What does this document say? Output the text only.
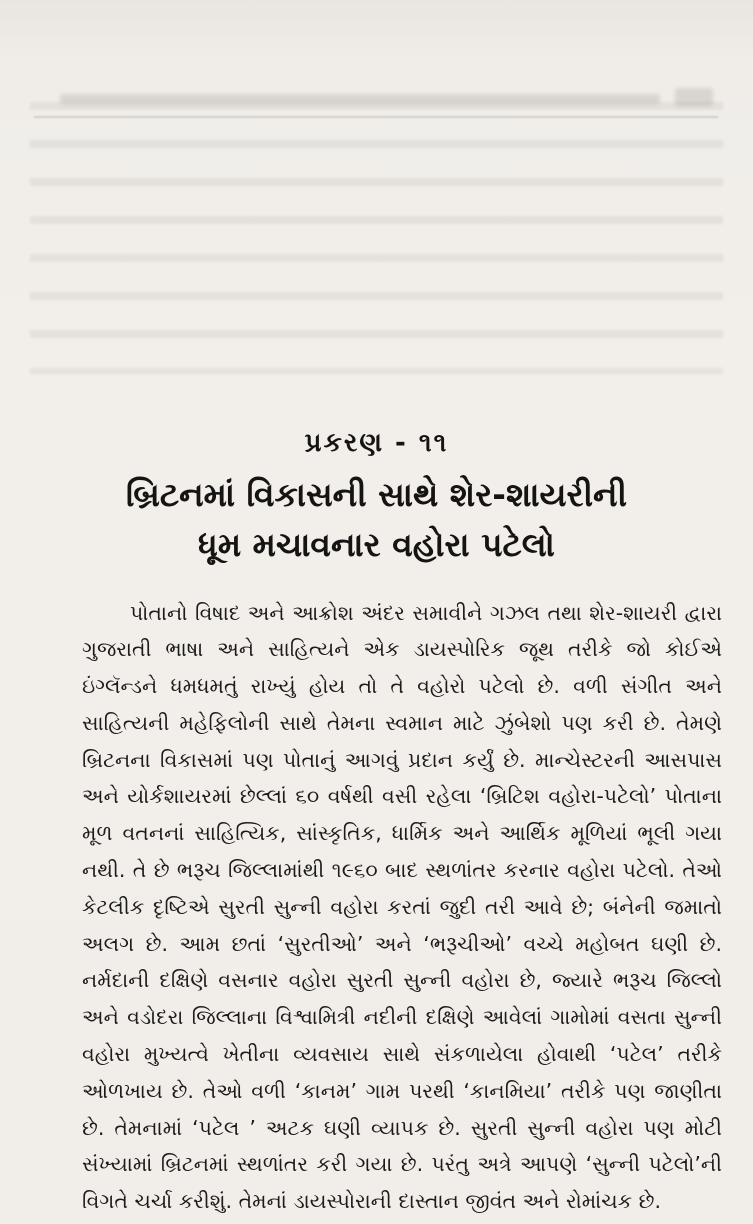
પ્રકરણ - ૧૧
બ્રિટનમાં વિકાસની સાથે શેર-શાયરીની
ધૂમ મચાવનાર વહોરા પટેલો

પોતાનો વિષાદ અને આક્રોશ અંદર સમાવીને ગઝલ તથા શેર-શાયરી દ્વારા ગુજરાતી ભાષા અને સાહિત્યને એક ડાયસ્પોરિક જૂથ તરીકે જો કોઈએ ઇંગ્લૅન્ડને ધમધમતું રાખ્યું હોય તો તે વહોરો પટેલો છે. વળી સંગીત અને સાહિત્યની મહેફિલોની સાથે તેમના સ્વમાન માટે ઝુંબેશો પણ કરી છે. તેમણે બ્રિટનના વિકાસમાં પણ પોતાનું આગવું પ્રદાન કર્યું છે. માન્ચેસ્ટરની આસપાસ અને યોર્કશાયરમાં છેલ્લાં ૬૦ વર્ષથી વસી રહેલા ‘બ્રિટિશ વહોરા-પટેલો’ પોતાના મૂળ વતનનાં સાહિત્યિક, સાંસ્કૃતિક, ધાર્મિક અને આર્થિક મૂળિયાં ભૂલી ગયા નથી. તે છે ભરૂચ જિલ્લામાંથી ૧૯૬૦ બાદ સ્થળાંતર કરનાર વહોરા પટેલો. તેઓ કેટલીક દૃષ્ટિએ સુરતી સુન્ની વહોરા કરતાં જુદી તરી આવે છે; બંનેની જમાતો અલગ છે. આમ છતાં ‘સુરતીઓ’ અને ‘ભરૂચીઓ’ વચ્ચે મહોબત ઘણી છે. નર્મદાની દક્ષિણે વસનાર વહોરા સુરતી સુન્ની વહોરા છે, જ્યારે ભરૂચ જિલ્લો અને વડોદરા જિલ્લાના વિશ્વામિત્રી નદીની દક્ષિણે આવેલાં ગામોમાં વસતા સુન્ની વહોરા મુખ્યત્વે ખેતીના વ્યવસાય સાથે સંકળાયેલા હોવાથી ‘પટેલ’ તરીકે ઓળખાય છે. તેઓ વળી ‘કાનમ’ ગામ પરથી ‘કાનમિયા’ તરીકે પણ જાણીતા છે. તેમનામાં ‘પટેલ ’ અટક ઘણી વ્યાપક છે. સુરતી સુન્ની વહોરા પણ મોટી સંખ્યામાં બ્રિટનમાં સ્થળાંતર કરી ગયા છે. પરંતુ અત્રે આપણે ‘સુન્ની પટેલો’ની વિગતે ચર્ચા કરીશું. તેમનાં ડાયસ્પોરાની દાસ્તાન જીવંત અને રોમાંચક છે.
